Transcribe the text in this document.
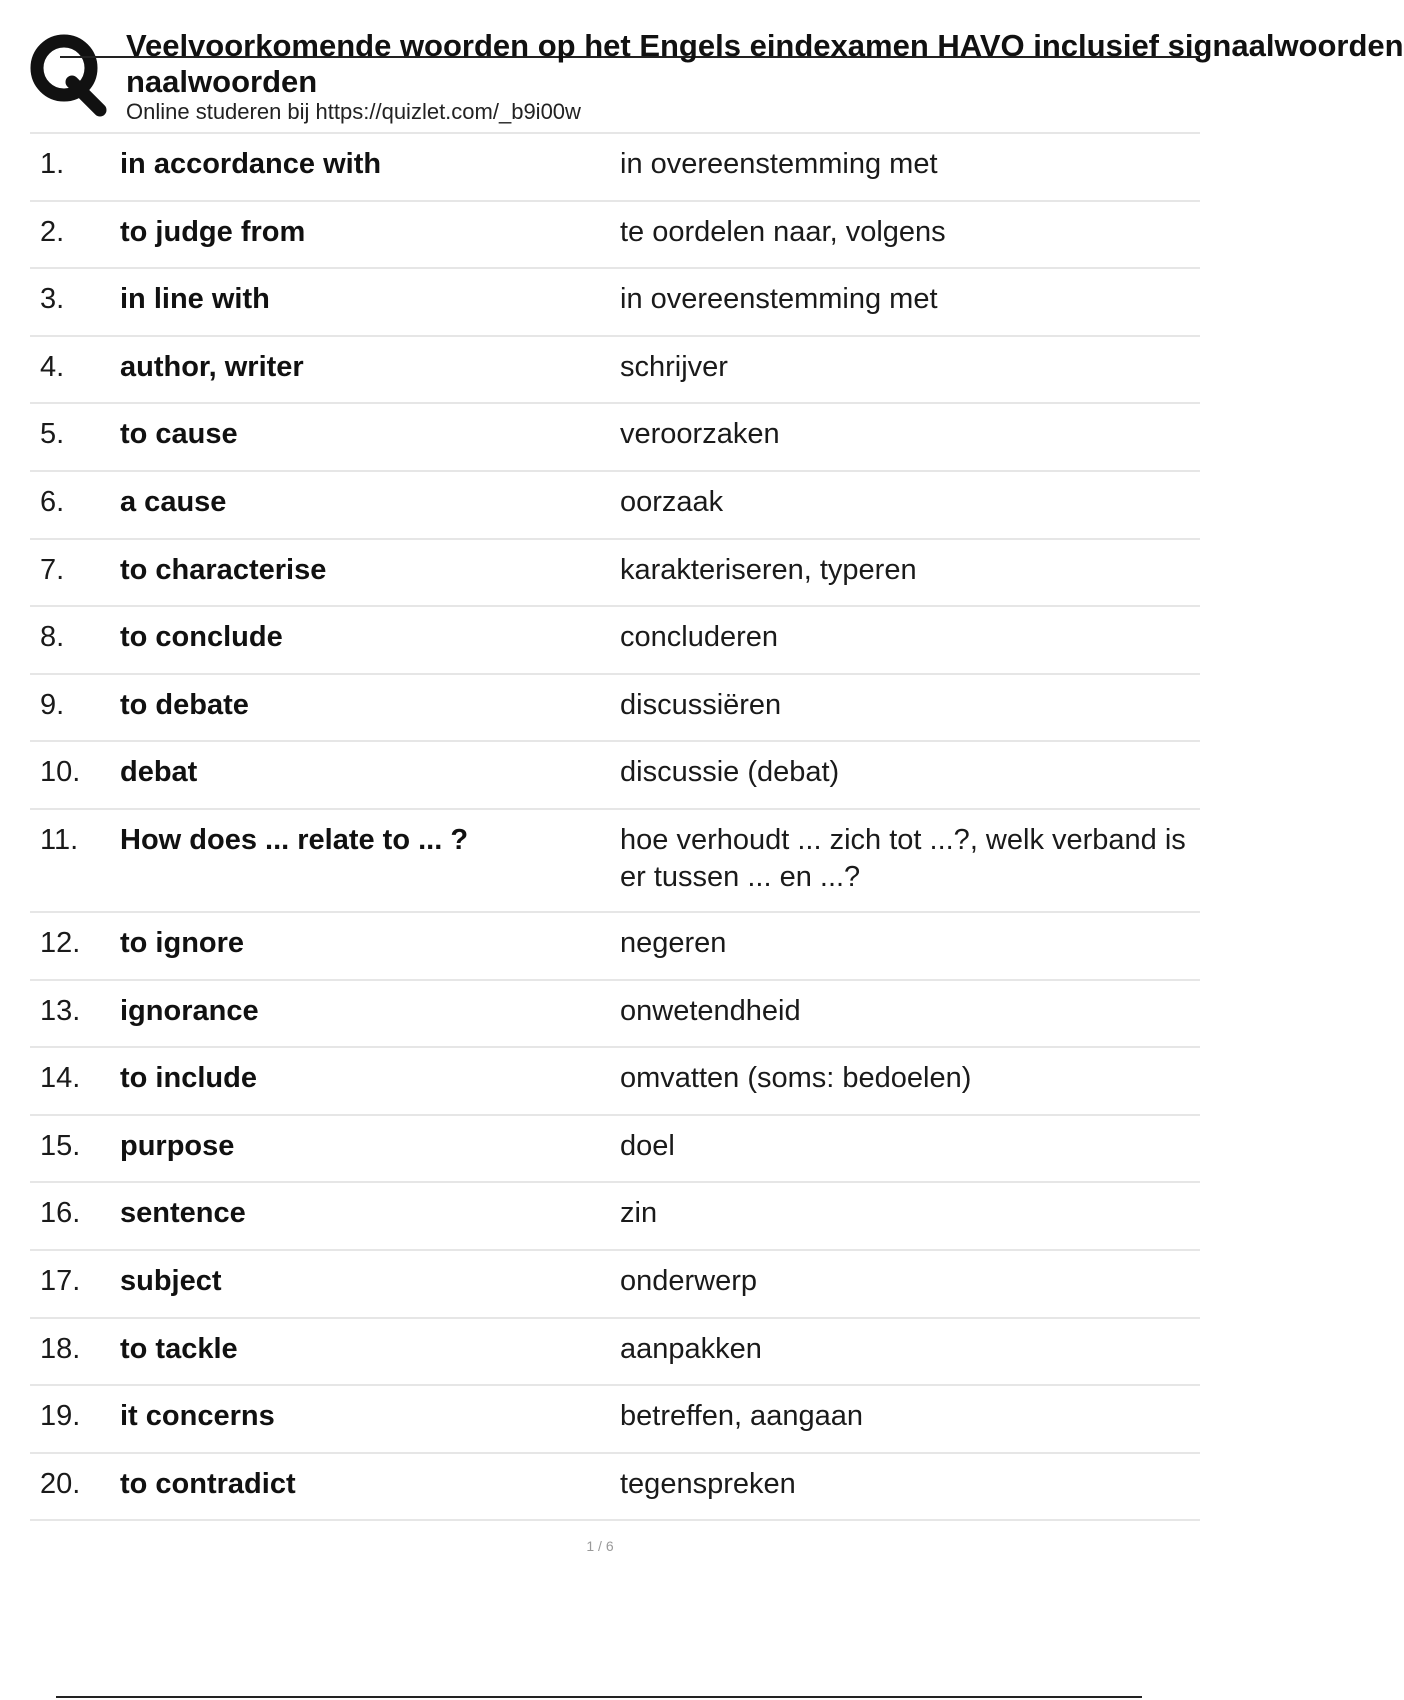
Veelvoorkomende woorden op het Engels eindexamen HAVO inclusief signaalwoorden

naalwoorden

Online studeren bij https://quizlet.com/_b9i00w

1.	in accordance with	in overeenstemming met
2.	to judge from	te oordelen naar, volgens
3.	in line with	in overeenstemming met
4.	author, writer	schrijver
5.	to cause	veroorzaken
6.	a cause	oorzaak
7.	to characterise	karakteriseren, typeren
8.	to conclude	concluderen
9.	to debate	discussiëren
10.	debat	discussie (debat)
11.	How does ... relate to ... ?	hoe verhoudt ... zich tot ...?, welk verband is er tussen ... en ...?
12.	to ignore	negeren
13.	ignorance	onwetendheid
14.	to include	omvatten (soms: bedoelen)
15.	purpose	doel
16.	sentence	zin
17.	subject	onderwerp
18.	to tackle	aanpakken
19.	it concerns	betreffen, aangaan
20.	to contradict	tegenspreken
1 / 6
